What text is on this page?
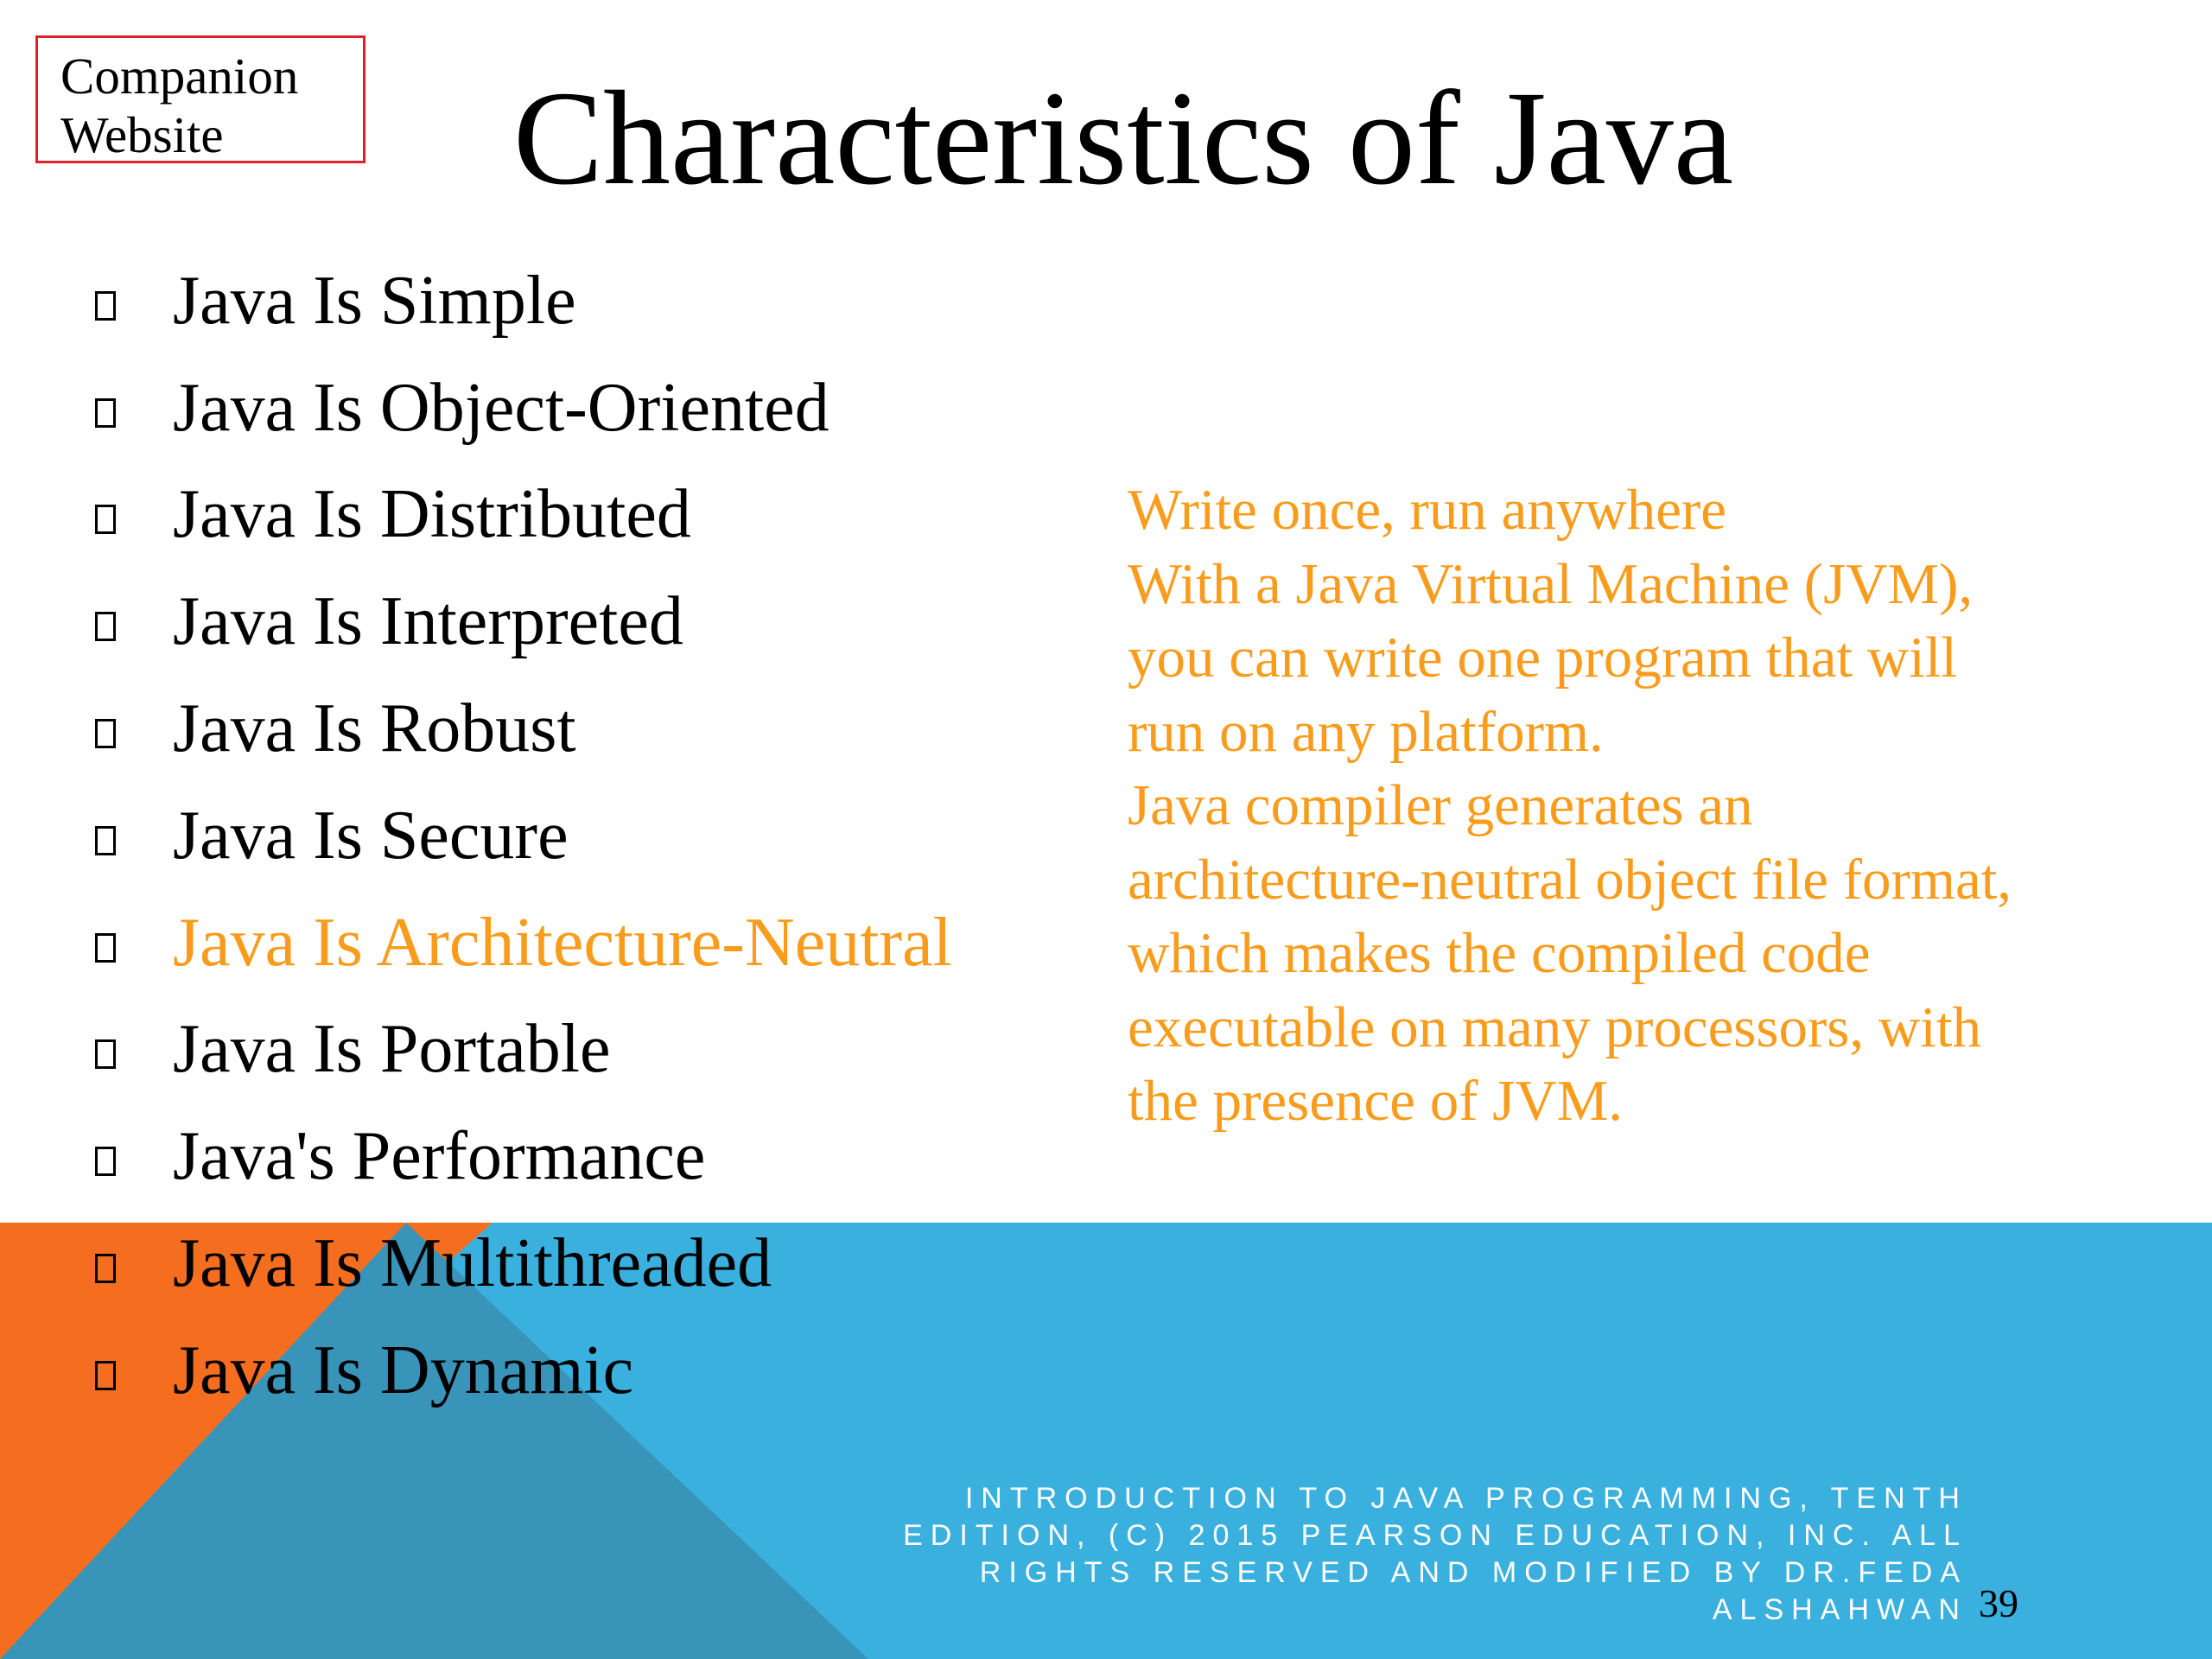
Companion
Website	Characteristics of Java
Java Is Simple
Java Is Object-Oriented
Java Is Distributed
Java Is Interpreted
Java Is Robust
Java Is Secure
Java Is Architecture-Neutral
Java Is Portable
Java's Performance
Java Is Multithreaded
Java Is Dynamic
Write once, run anywhere
With a Java Virtual Machine (JVM),
you can write one program that will
run on any platform.
Java compiler generates an
architecture-neutral object file format,
which makes the compiled code
executable on many processors, with
the presence of JVM.
INTRODUCTION TO JAVA PROGRAMMING, TENTH
EDITION, (C) 2015 PEARSON EDUCATION, INC. ALL
RIGHTS RESERVED AND MODIFIED BY DR.FEDA
ALSHAHWAN 39
